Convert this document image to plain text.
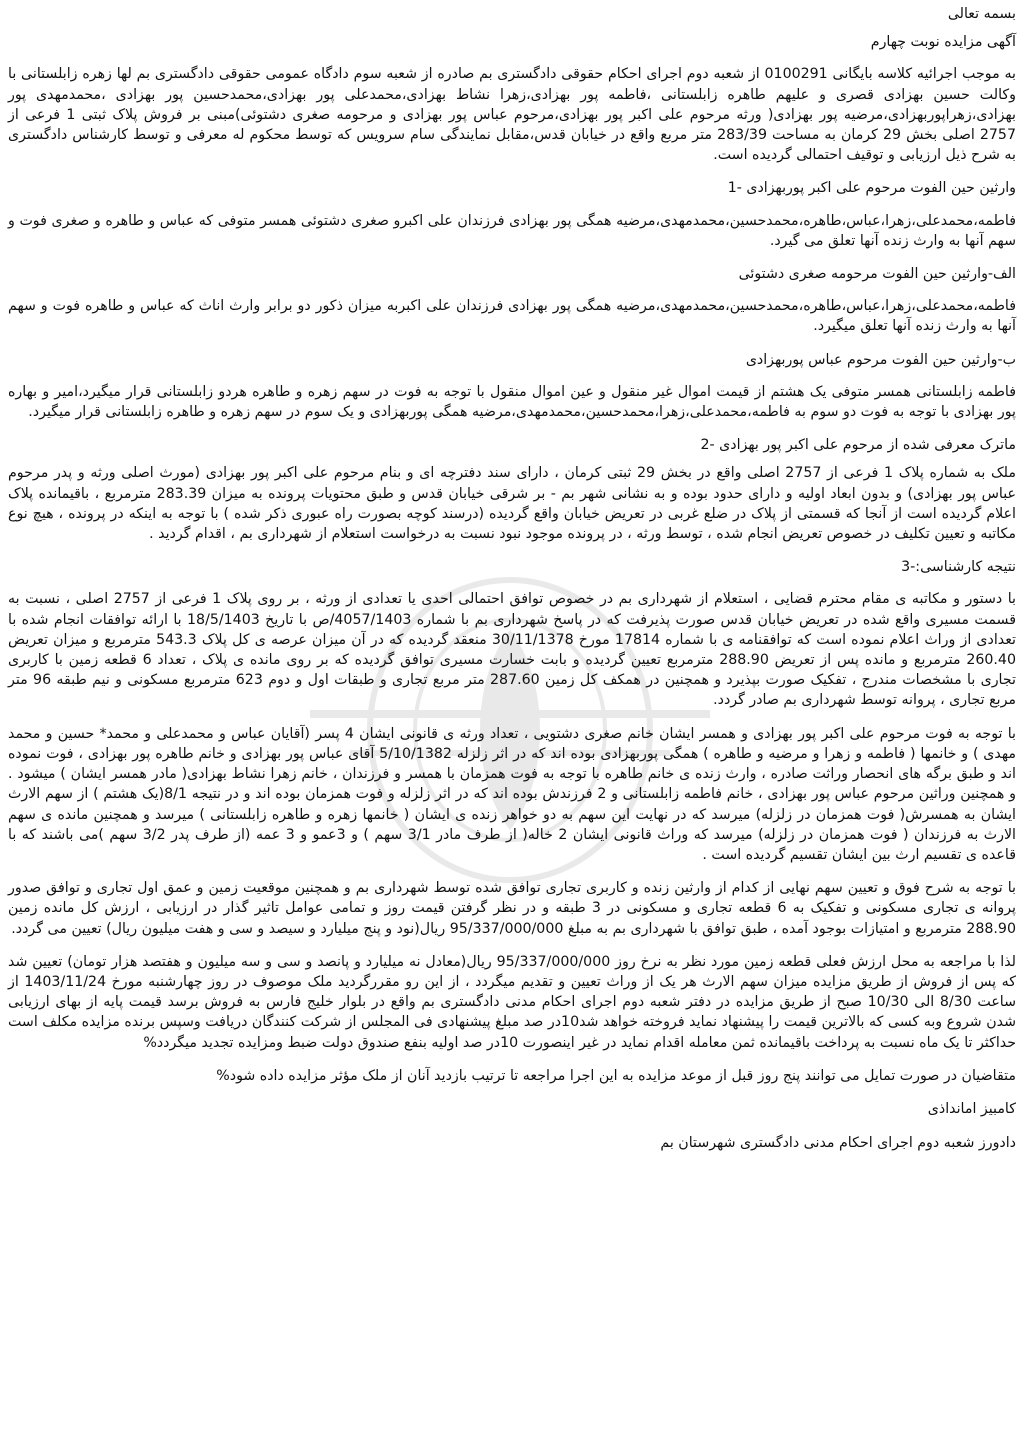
بسمه تعالی

آگهی مزایده نوبت چهارم

به موجب اجرائیه کلاسه بایگانی 0100291 از شعبه دوم اجرای احکام حقوقی دادگستری بم صادره از شعبه سوم دادگاه عمومی حقوقی دادگستری بم لها زهره زابلستانی با وکالت حسین بهزادی قصری و علیهم طاهره زابلستانی ،فاطمه پور بهزادی،زهرا نشاط بهزادی،محمدعلی پور بهزادی،محمدحسین پور بهزادی ،محمدمهدی پور بهزادی،زهراپوربهزادی،مرضیه پور بهزادی( ورثه مرحوم علی اکبر پور بهزادی،مرحوم عباس پور بهزادی و مرحومه صغری دشتوئی)مبنی بر فروش پلاک ثبتی 1 فرعی از 2757 اصلی بخش 29 کرمان به مساحت 283/39 متر مربع واقع در خیابان قدس،مقابل نمایندگی سام سرویس که توسط محکوم له معرفی و توسط کارشناس دادگستری به شرح ذیل ارزیابی و توقیف احتمالی گردیده است.

وارثین حین الفوت مرحوم علی اکبر پوربهزادی -1

فاطمه،محمدعلی،زهرا،عباس،طاهره،محمدحسین،محمدمهدی،مرضیه همگی پور بهزادی فرزندان علی اکبرو صغری دشتوئی همسر متوفی که عباس و طاهره و صغری فوت و سهم آنها به وارث زنده آنها تعلق می گیرد.

الف-وارثین حین الفوت مرحومه صغری دشتوئی

فاطمه،محمدعلی،زهرا،عباس،طاهره،محمدحسین،محمدمهدی،مرضیه همگی پور بهزادی فرزندان علی اکبربه میزان ذکور دو برابر وارث اناث که عباس و طاهره فوت و سهم آنها به وارث زنده آنها تعلق میگیرد.

ب-وارثین حین الفوت مرحوم عباس پوربهزادی

فاطمه زابلستانی همسر متوفی یک هشتم از قیمت اموال غیر منقول و عین اموال منقول با توجه به فوت در سهم زهره و طاهره هردو زابلستانی قرار میگیرد،امیر و بهاره پور بهزادی با توجه به فوت دو سوم به فاطمه،محمدعلی،زهرا،محمدحسین،محمدمهدی،مرضیه همگی پوربهزادی و یک سوم در سهم زهره و طاهره زابلستانی قرار میگیرد.

ماترک معرفی شده از مرحوم علی اکبر پور بهزادی -2

ملک به شماره پلاک 1 فرعی از 2757 اصلی واقع در بخش 29 ثبتی کرمان ، دارای سند دفترچه ای و بنام مرحوم علی اکبر پور بهزادی (مورث اصلی ورثه و پدر مرحوم عباس پور بهزادی) و بدون ابعاد اولیه و دارای حدود بوده و به نشانی شهر بم - بر شرقی خیابان قدس و طبق محتویات پرونده به میزان 283.39 مترمربع ، باقیمانده پلاک اعلام گردیده است از آنجا که قسمتی از پلاک در ضلع غربی در تعریض خیابان واقع گردیده (درسند کوچه بصورت راه عبوری ذکر شده ) با توجه به اینکه در پرونده ، هیچ نوع مکاتبه و تعیین تکلیف در خصوص تعریض انجام شده ، توسط ورثه ، در پرونده موجود نبود نسبت به درخواست استعلام از شهرداری بم ، اقدام گردید .

نتیجه کارشناسی:-3

با دستور و مکاتبه ی مقام محترم قضایی ، استعلام از شهرداری بم در خصوص توافق احتمالی احدی یا تعدادی از ورثه ، بر روی پلاک 1 فرعی از 2757 اصلی ، نسبت به قسمت مسیری واقع شده در تعریض خیابان قدس صورت پذیرفت که در پاسخ شهرداری بم با شماره 4057/1403/ص با تاریخ 18/5/1403 با ارائه توافقات انجام شده با تعدادی از وراث اعلام نموده است که توافقنامه ی با شماره 17814 مورخ 30/11/1378 منعقد گردیده که در آن میزان عرصه ی کل پلاک 543.3 مترمربع و میزان تعریض 260.40 مترمربع و مانده پس از تعریض 288.90 مترمربع تعیین گردیده و بابت خسارت مسیری توافق گردیده که بر روی مانده ی پلاک ، تعداد 6 قطعه زمین با کاربری تجاری با مشخصات مندرج ، تفکیک صورت بپذیرد و همچنین در همکف کل زمین 287.60 متر مربع تجاری و طبقات اول و دوم 623 مترمربع مسکونی و نیم طبقه 96 متر مربع تجاری ، پروانه توسط شهرداری بم صادر گردد.

با توجه به فوت مرحوم علی اکبر پور بهزادی و همسر ایشان خانم صغری دشتویی ، تعداد ورثه ی قانونی ایشان 4 پسر (آقایان عباس و محمدعلی و محمد* حسین و محمد مهدی ) و خانمها ( فاطمه و زهرا و مرضیه و طاهره ) همگی پوربهزادی بوده اند که در اثر زلزله 5/10/1382 آقای عباس پور بهزادی و خانم طاهره پور بهزادی ، فوت نموده اند و طبق برگه های انحصار وراثت صادره ، وارث زنده ی خانم طاهره با توجه به فوت همزمان با همسر و فرزندان ، خانم زهرا نشاط بهزادی( مادر همسر ایشان ) میشود . و همچنین وراثین مرحوم عباس پور بهزادی ، خانم فاطمه زابلستانی و 2 فرزندش بوده اند که در اثر زلزله و فوت همزمان بوده اند و در نتیجه 8/1(یک هشتم ) از سهم الارث ایشان به همسرش( فوت همزمان در زلزله) میرسد که در نهایت این سهم به دو خواهر زنده ی ایشان ( خانمها زهره و طاهره زابلستانی ) میرسد و همچنین مانده ی سهم الارث به فرزندان ( فوت همزمان در زلزله) میرسد که وراث قانونی ایشان 2 خاله( از طرف مادر 3/1 سهم ) و 3عمو و 3 عمه (از طرف پدر 3/2 سهم )می باشند که با قاعده ی تقسیم ارث بین ایشان تقسیم گردیده است .

با توجه به شرح فوق و تعیین سهم نهایی از کدام از وارثین زنده و کاربری تجاری توافق شده توسط شهرداری بم و همچنین موقعیت زمین و عمق اول تجاری و توافق صدور پروانه ی تجاری مسکونی و تفکیک به 6 قطعه تجاری و مسکونی در 3 طبقه و در نظر گرفتن قیمت روز و تمامی عوامل تاثیر گذار در ارزیابی ، ارزش کل مانده زمین 288.90 مترمربع و امتیازات بوجود آمده ، طبق توافق با شهرداری بم به مبلغ 95/337/000/000 ریال(نود و پنج میلیارد و سیصد و سی و هفت میلیون ریال) تعیین می گردد.

لذا با مراجعه به محل ارزش فعلی قطعه زمین مورد نظر به نرخ روز 95/337/000/000 ریال(معادل نه میلیارد و پانصد و سی و سه میلیون و هفتصد هزار تومان) تعیین شد که پس از فروش از طریق مزایده میزان سهم الارث هر یک از وراث تعیین و تقدیم میگردد ، از این رو مقررگردید ملک موصوف در روز چهارشنبه مورخ 1403/11/24 از ساعت 8/30 الی 10/30 صبح از طریق مزایده در دفتر شعبه دوم اجرای احکام مدنی دادگستری بم واقع در بلوار خلیج فارس به فروش برسد قیمت پایه از بهای ارزیابی شدن شروع وبه کسی که بالاترین قیمت را پیشنهاد نماید فروخته خواهد شد10در صد مبلغ پیشنهادی فی المجلس از شرکت کنندگان دریافت وسپس برنده مزایده مکلف است حداکثر تا یک ماه نسبت به پرداخت باقیمانده ثمن معامله اقدام نماید در غیر اینصورت 10در صد اولیه بنفع صندوق دولت ضبط ومزایده تجدید میگردد%

متقاضیان در صورت تمایل می توانند پنج روز قبل از موعد مزایده به این اجرا مراجعه تا ترتیب بازدید آنان از ملک مؤثر مزایده داده شود%

کامبیز امانداذی

دادورز شعبه دوم اجرای احکام مدنی دادگستری شهرستان بم
